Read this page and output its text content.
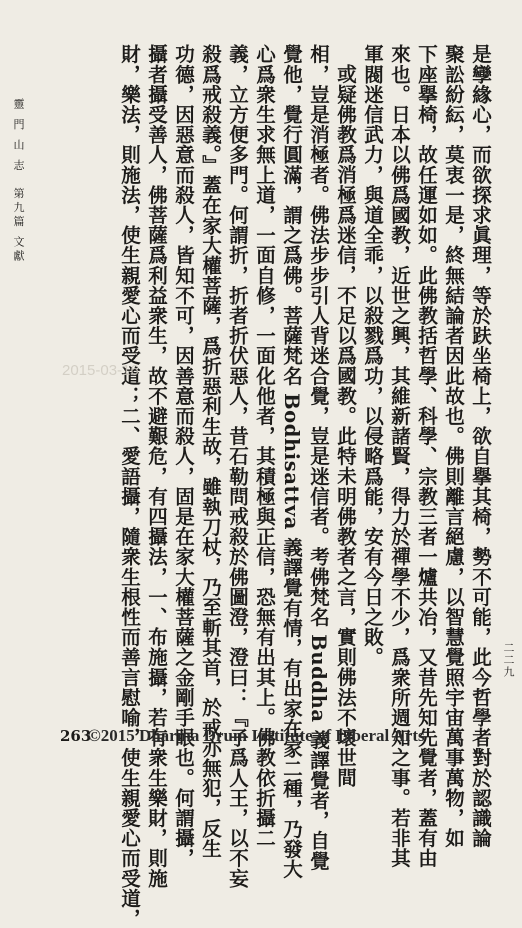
靈 門 山 志　第九篇 文獻
二二九
是孿緣心，而欲探求眞理，等於趺坐椅上，欲自擧其椅，勢不可能，此今哲學者對於認識論
聚訟紛紜，莫衷一是，終無結論者因此故也。佛則離言絕慮，以智慧覺照宇宙萬事萬物，如
下座擧椅，故任運如如。此佛教括哲學、科學、宗教三者一爐共冶，又昔先知先覺者，蓋有由
來也。日本以佛爲國教，近世之興，其維新諸賢，得力於禪學不少，爲衆所週知之事。若非其
軍閥迷信武力，與道全乖，以殺戮爲功，以侵略爲能，安有今日之敗。
或疑佛教爲消極爲迷信，不足以爲國教。此特未明佛教者之言，實則佛法不壞世間
相，豈是消極者。佛法步步引人背迷合覺，豈是迷信者。考佛梵名 Buddha 義譯覺者，自覺
覺他，覺行圓滿，謂之爲佛。菩薩梵名 Bodhisattva 義譯覺有情，有出家在家二種，乃發大
心爲衆生求無上道，一面自修，一面化他者，其積極與正信，恐無有出其上。佛教依折攝二
義，立方便多門。何謂折，折者折伏惡人，昔石勒問戒殺於佛圖澄，澄曰：『子爲人王，以不妄
殺爲戒殺義。』蓋在家大權菩薩，爲折惡利生故，雖執刀杖，乃至斬其首，於戒亦無犯，反生
功德，因惡意而殺人，皆知不可，因善意而殺人，固是在家大權菩薩之金剛手眼也。何謂攝，
攝者攝受善人，佛菩薩爲利益衆生，故不避艱危，有四攝法，一、布施攝，若有衆生樂財，則施
財，樂法，則施法，使生親愛心而受道；二、愛語攝，隨衆生根性而善言慰喻，使生親愛心而受道，
2015-03-16
263
©2015 Dharma Drum Institute of Liberal Arts
